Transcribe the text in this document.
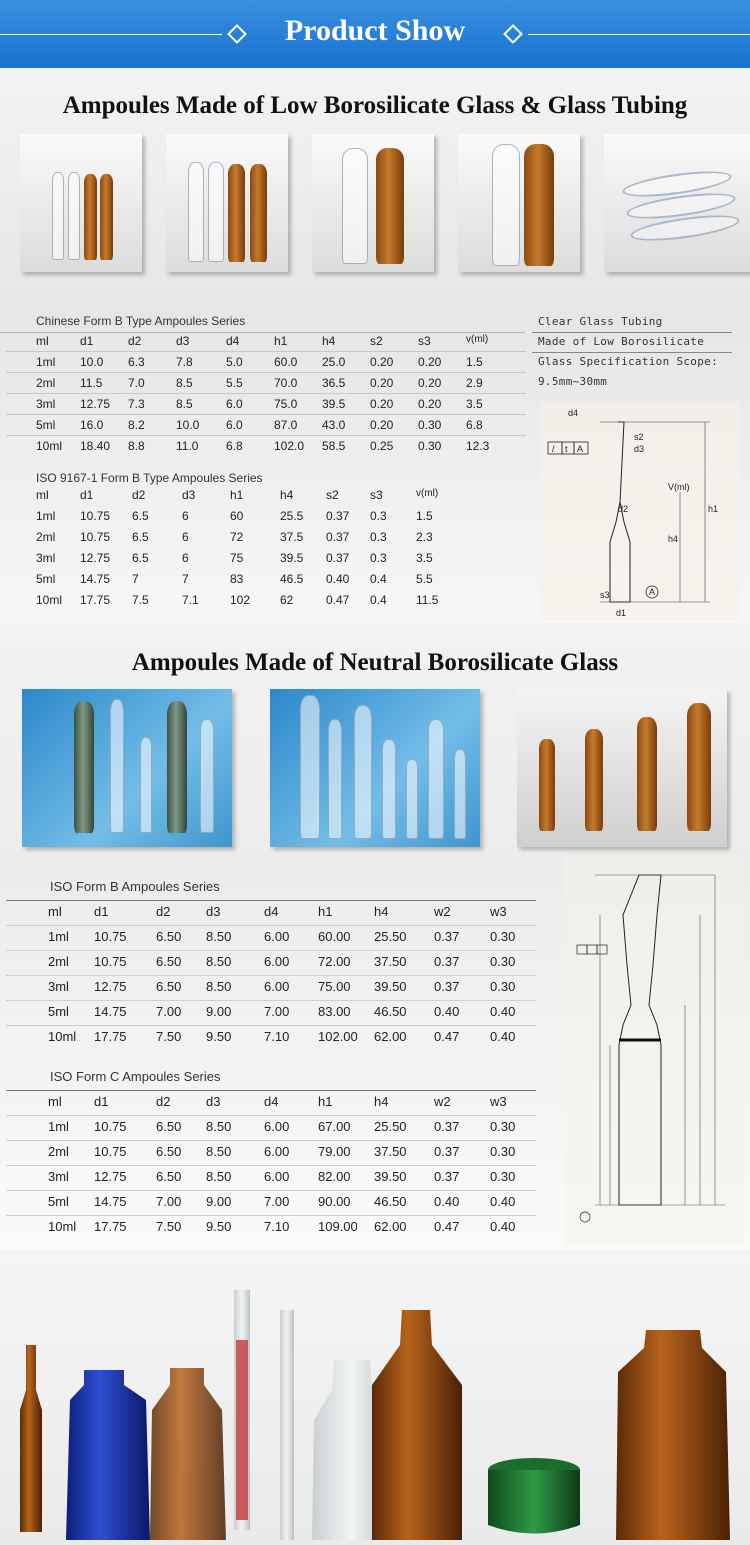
Product Show
Ampoules Made of Low Borosilicate Glass & Glass Tubing
Chinese Form B Type Ampoules Series
ml	d1	d2	d3	d4	h1	h4	s2	s3	v(ml)
1ml 10.0 6.3	7.8	5.0	60.0 25.0 0.20 0.20 1.5
2ml 11.5 7.0	8.5	5.5	70.0 36.5 0.20 0.20 2.9
3ml 12.75 7.3	8.5	6.0	75.0 39.5 0.20 0.20 3.5
5ml 16.0 8.2	10.0 6.0	87.0 43.0 0.20 0.30 6.8
10ml 18.40 8.8	11.0 6.8	102.0 58.5 0.25 0.30 12.3
ISO 9167-1 Form B Type Ampoules Series
ml	d1	d2	d3	h1	h4	s2	s3	v(ml)
1ml 10.75 6.5	6	60	25.5 0.37 0.3 1.5
2ml 10.75 6.5	6	72	37.5 0.37 0.3 2.3
3ml 12.75 6.5	6	75	39.5 0.37 0.3 3.5
5ml 14.75 7	7	83	46.5 0.40 0.4 5.5
10ml 17.75 7.5	7.1	102 62	0.47 0.4 11.5
Clear Glass Tubing
Made of Low Borosilicate
Glass Specification Scope:
9.5mm~30mm
/ t A
d4
s2
d3
d2
V(ml)
h4
h1
s3
d1
A
Ampoules Made of Neutral Borosilicate Glass
ISO Form B Ampoules Series
ml d1	d2	d3	d4	h1	h4	w2	w3
1ml 10.75 6.50 8.50	6.00 60.00 25.50 0.37 0.30
2ml 10.75 6.50 8.50	6.00 72.00 37.50 0.37 0.30
3ml 12.75 6.50 8.50	6.00 75.00 39.50 0.37 0.30
5ml 14.75 7.00 9.00	7.00 83.00 46.50 0.40 0.40
10ml 17.75 7.50 9.50	7.10 102.00 62.00 0.47 0.40
ISO Form C Ampoules Series
ml d1	d2	d3	d4	h1	h4	w2	w3
1ml 10.75 6.50 8.50	6.00 67.00 25.50 0.37 0.30
2ml 10.75 6.50 8.50	6.00 79.00 37.50 0.37 0.30
3ml 12.75 6.50 8.50	6.00 82.00 39.50 0.37 0.30
5ml 14.75 7.00 9.00	7.00 90.00 46.50 0.40 0.40
10ml 17.75 7.50 9.50	7.10 109.00 62.00 0.47 0.40
